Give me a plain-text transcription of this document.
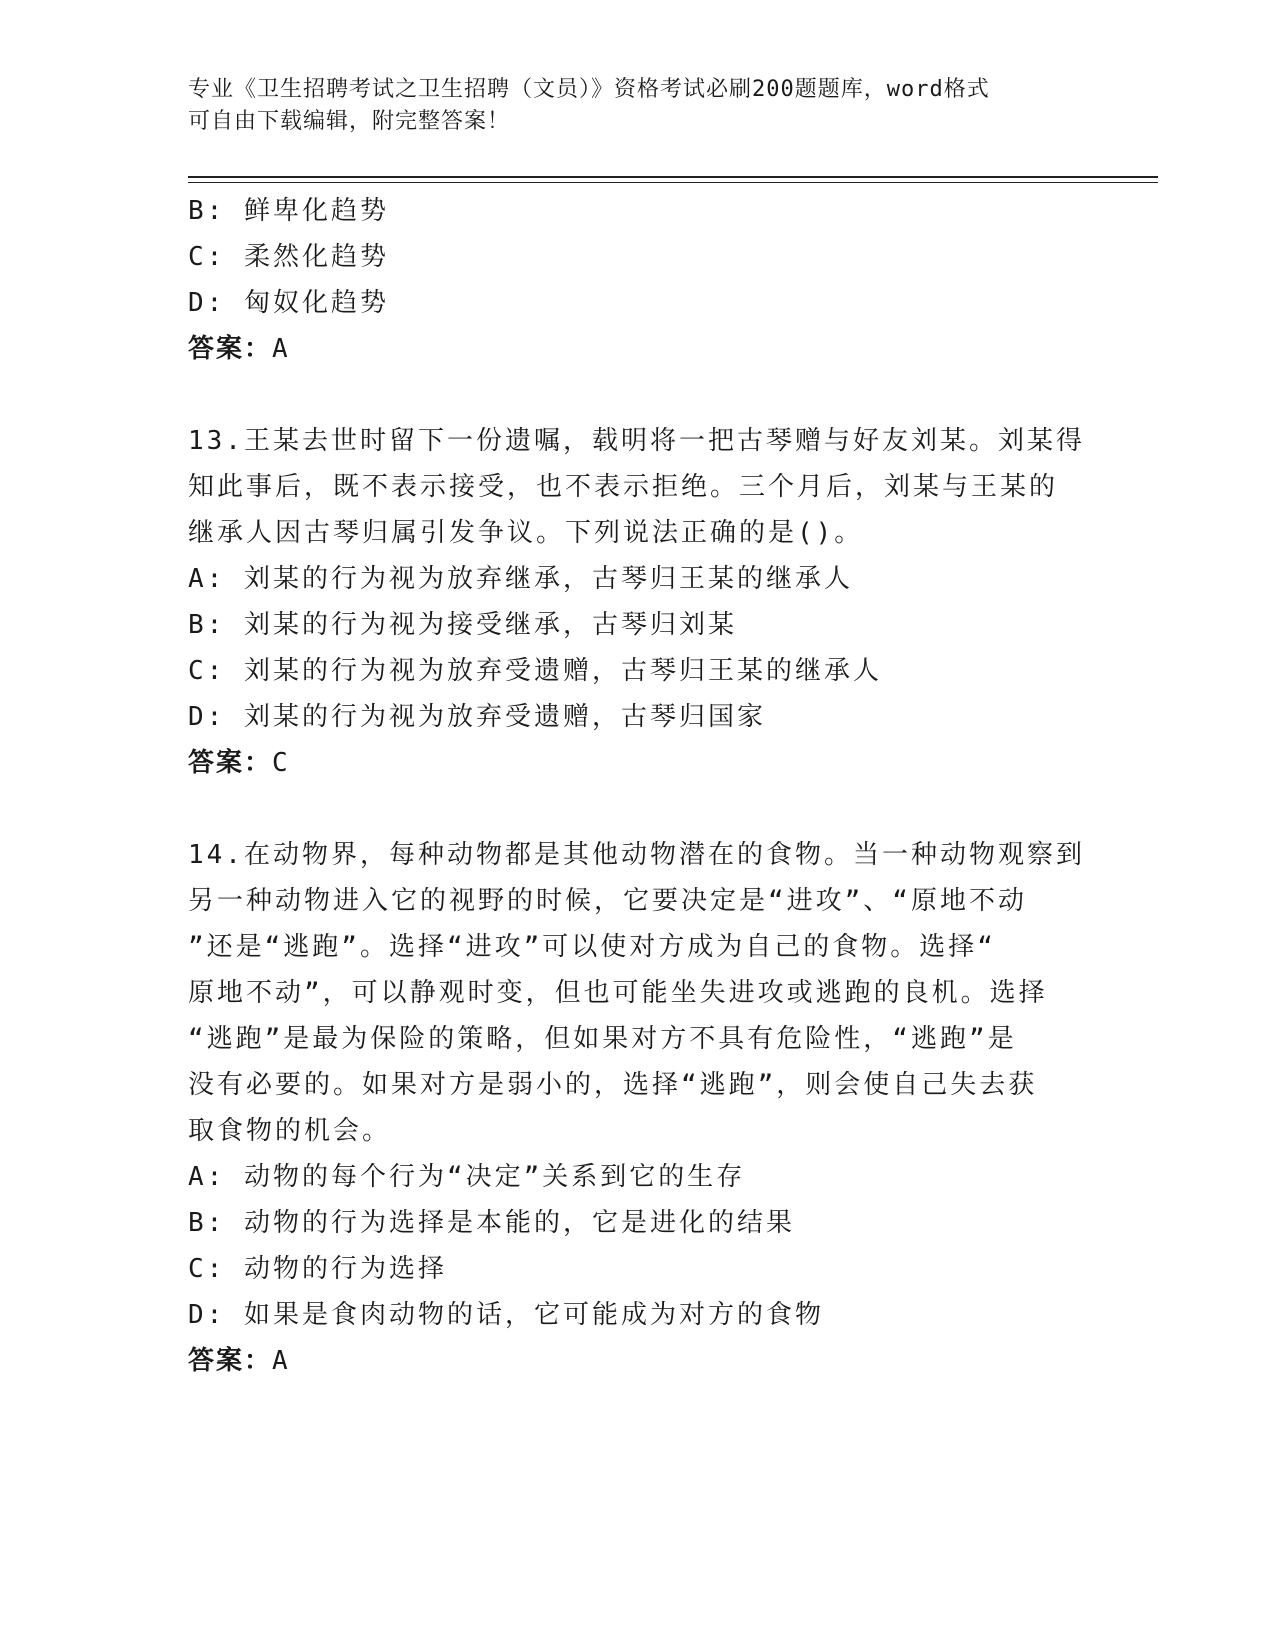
专业《卫生招聘考试之卫生招聘（文员）》资格考试必刷200题题库，word格式
可自由下载编辑，附完整答案！
B: 鲜卑化趋势
C: 柔然化趋势
D: 匈奴化趋势
答案：A
13.王某去世时留下一份遗嘱，载明将一把古琴赠与好友刘某。刘某得
知此事后，既不表示接受，也不表示拒绝。三个月后，刘某与王某的
继承人因古琴归属引发争议。下列说法正确的是()。
A: 刘某的行为视为放弃继承，古琴归王某的继承人
B: 刘某的行为视为接受继承，古琴归刘某
C: 刘某的行为视为放弃受遗赠，古琴归王某的继承人
D: 刘某的行为视为放弃受遗赠，古琴归国家
答案：C
14.在动物界，每种动物都是其他动物潜在的食物。当一种动物观察到
另一种动物进入它的视野的时候，它要决定是“进攻”、“原地不动
”还是“逃跑”。选择“进攻”可以使对方成为自己的食物。选择“
原地不动”，可以静观时变，但也可能坐失进攻或逃跑的良机。选择
“逃跑”是最为保险的策略，但如果对方不具有危险性，“逃跑”是
没有必要的。如果对方是弱小的，选择“逃跑”，则会使自己失去获
取食物的机会。
A: 动物的每个行为“决定”关系到它的生存
B: 动物的行为选择是本能的，它是进化的结果
C: 动物的行为选择
D: 如果是食肉动物的话，它可能成为对方的食物
答案：A
